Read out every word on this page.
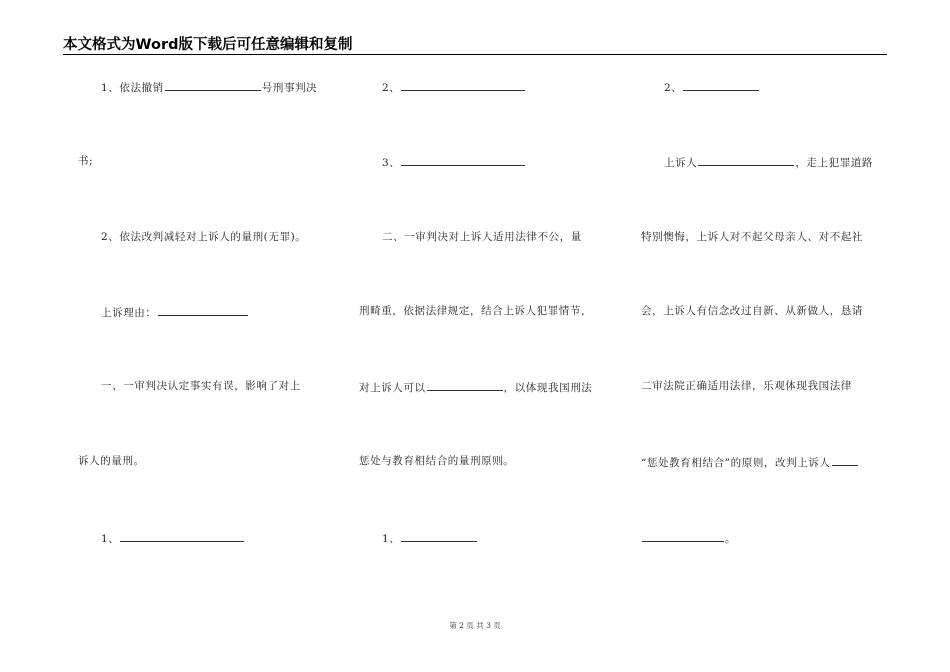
本文格式为Word版下载后可任意编辑和复制
1、依法撤销	号刑事判决
书;
2、依法改判减轻对上诉人的量刑(无罪)。
上诉理由：
一、一审判决认定事实有误，影响了对上
诉人的量刑。
1、
2、
3、
二、一审判决对上诉人适用法律不公，量
刑畸重，依据法律规定，结合上诉人犯罪情节，
对上诉人可以	，以体现我国刑法
惩处与教育相结合的量刑原则。
1、
2、
上诉人	，走上犯罪道路
特别懊悔，上诉人对不起父母亲人、对不起社
会，上诉人有信念改过自新、从新做人，恳请
二审法院正确适用法律，乐观体现我国法律
“惩处教育相结合”的原则，改判上诉人
。
第 2 页 共 3 页
